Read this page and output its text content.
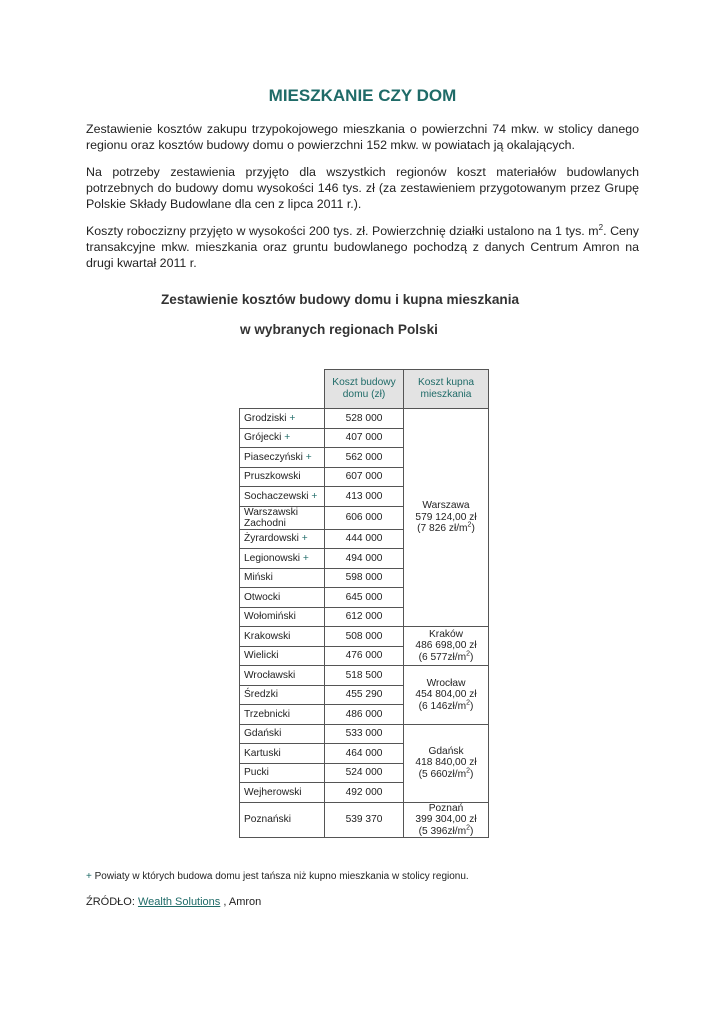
MIESZKANIE CZY DOM

Zestawienie kosztów zakupu trzypokojowego mieszkania o powierzchni 74 mkw. w stolicy danego regionu oraz kosztów budowy domu o powierzchni 152 mkw. w powiatach ją okalających.

Na potrzeby zestawienia przyjęto dla wszystkich regionów koszt materiałów budowlanych potrzebnych do budowy domu wysokości 146 tys. zł (za zestawieniem przygotowanym przez Grupę Polskie Składy Budowlane dla cen z lipca 2011 r.).

Koszty roboczizny przyjęto w wysokości 200 tys. zł. Powierzchnię działki ustalono na 1 tys. $m^2$. Ceny transakcyjne mkw. mieszkania oraz gruntu budowlanego pochodzą z danych Centrum Amron na drugi kwartał 2011 r.

Zestawienie kosztów budowy domu i kupna mieszkania

w wybranych regionach Polski

	Koszt budowy domu (zł)	Koszt kupna mieszkania
Grodziski +	528 000	Warszawa
579 124,00 zł
(7 826 $zł/m^2$)
Grójecki +	407 000	
Piaseczyński +	562 000	
Pruszkowski	607 000	
Sochaczewski +	413 000	
Warszawski Zachodni	606 000	
Żyrardowski +	444 000	
Legionowski +	494 000	
Miński	598 000	
Otwocki	645 000	
Wołomiński	612 000	
Krakowski	508 000	Kraków
486 698,00 zł
(6 $577zł/m^2$)
Wielicki	476 000	
Wrocławski	518 500	Wrocław
454 804,00 zł
(6 $146zł/m^2$)
Średzki	455 290	
Trzebnicki	486 000	
Gdański	533 000	Gdańsk
418 840,00 zł
(5 $660zł/m^2$)
Kartuski	464 000	
Pucki	524 000	
Wejherowski	492 000	
Poznański	539 370	Poznań
399 304,00 zł
(5 $396zł/m^2$)

+ Powiaty w których budowa domu jest tańsza niż kupno mieszkania w stolicy regionu.

ŹRÓDŁO: Wealth Solutions , Amron
